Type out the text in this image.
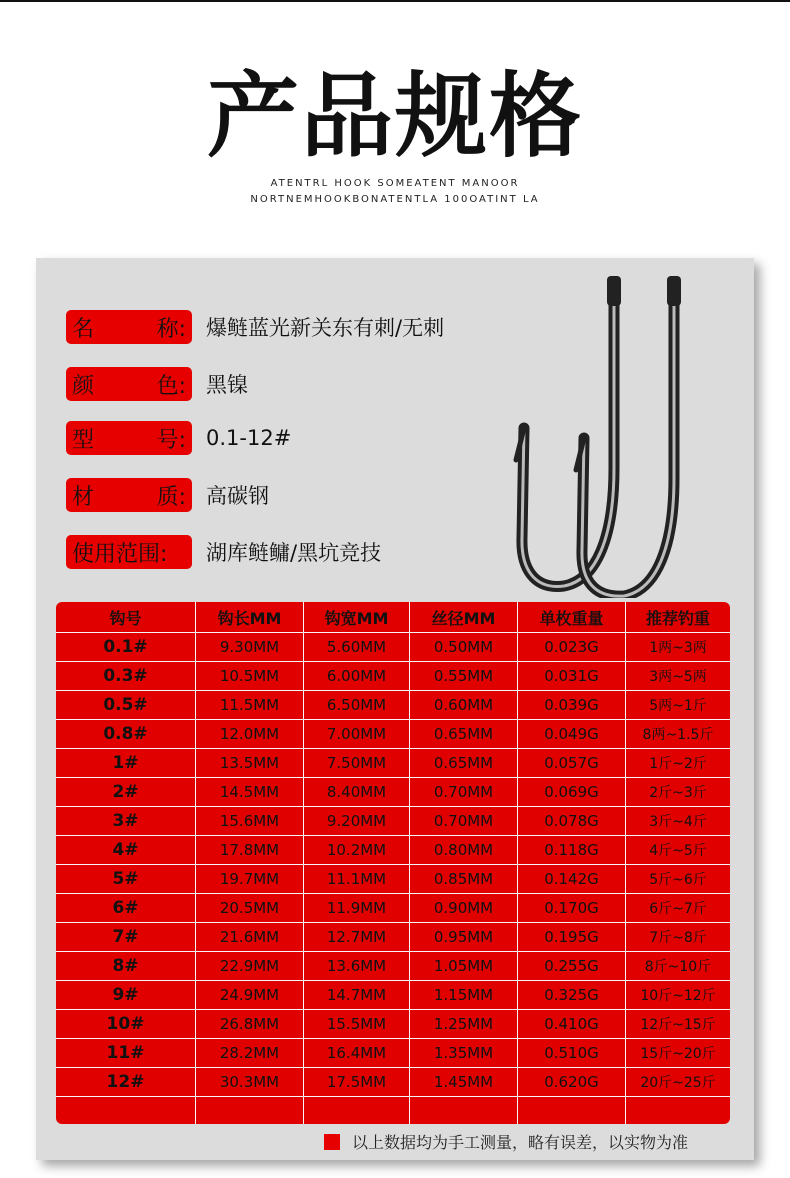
产品规格
ATENTRL HOOK SOMEATENT MANOOR
NORTNEMHOOKBONATENTLA 100OATINT LA
名	称: 爆鲢蓝光新关东有刺/无刺
颜	色: 黑镍
型	号: 0.1-12#
材	质: 高碳钢
使用范围:	湖库鲢鳙/黑坑竞技
钩号	钩长MM	钩宽MM	丝径MM	单枚重量	推荐钓重
0.1#	9.30MM	5.60MM	0.50MM	0.023G	1两~3两
0.3#	10.5MM	6.00MM	0.55MM	0.031G	3两~5两
0.5#	11.5MM	6.50MM	0.60MM	0.039G	5两~1斤
0.8#	12.0MM	7.00MM	0.65MM	0.049G	8两~1.5斤
1#	13.5MM	7.50MM	0.65MM	0.057G	1斤~2斤
2#	14.5MM	8.40MM	0.70MM	0.069G	2斤~3斤
3#	15.6MM	9.20MM	0.70MM	0.078G	3斤~4斤
4#	17.8MM	10.2MM	0.80MM	0.118G	4斤~5斤
5#	19.7MM	11.1MM	0.85MM	0.142G	5斤~6斤
6#	20.5MM	11.9MM	0.90MM	0.170G	6斤~7斤
7#	21.6MM	12.7MM	0.95MM	0.195G	7斤~8斤
8#	22.9MM	13.6MM	1.05MM	0.255G	8斤~10斤
9#	24.9MM	14.7MM	1.15MM	0.325G	10斤~12斤
10#	26.8MM	15.5MM	1.25MM	0.410G	12斤~15斤
11#	28.2MM	16.4MM	1.35MM	0.510G	15斤~20斤
12#	30.3MM	17.5MM	1.45MM	0.620G	20斤~25斤
以上数据均为手工测量，略有误差，以实物为准
